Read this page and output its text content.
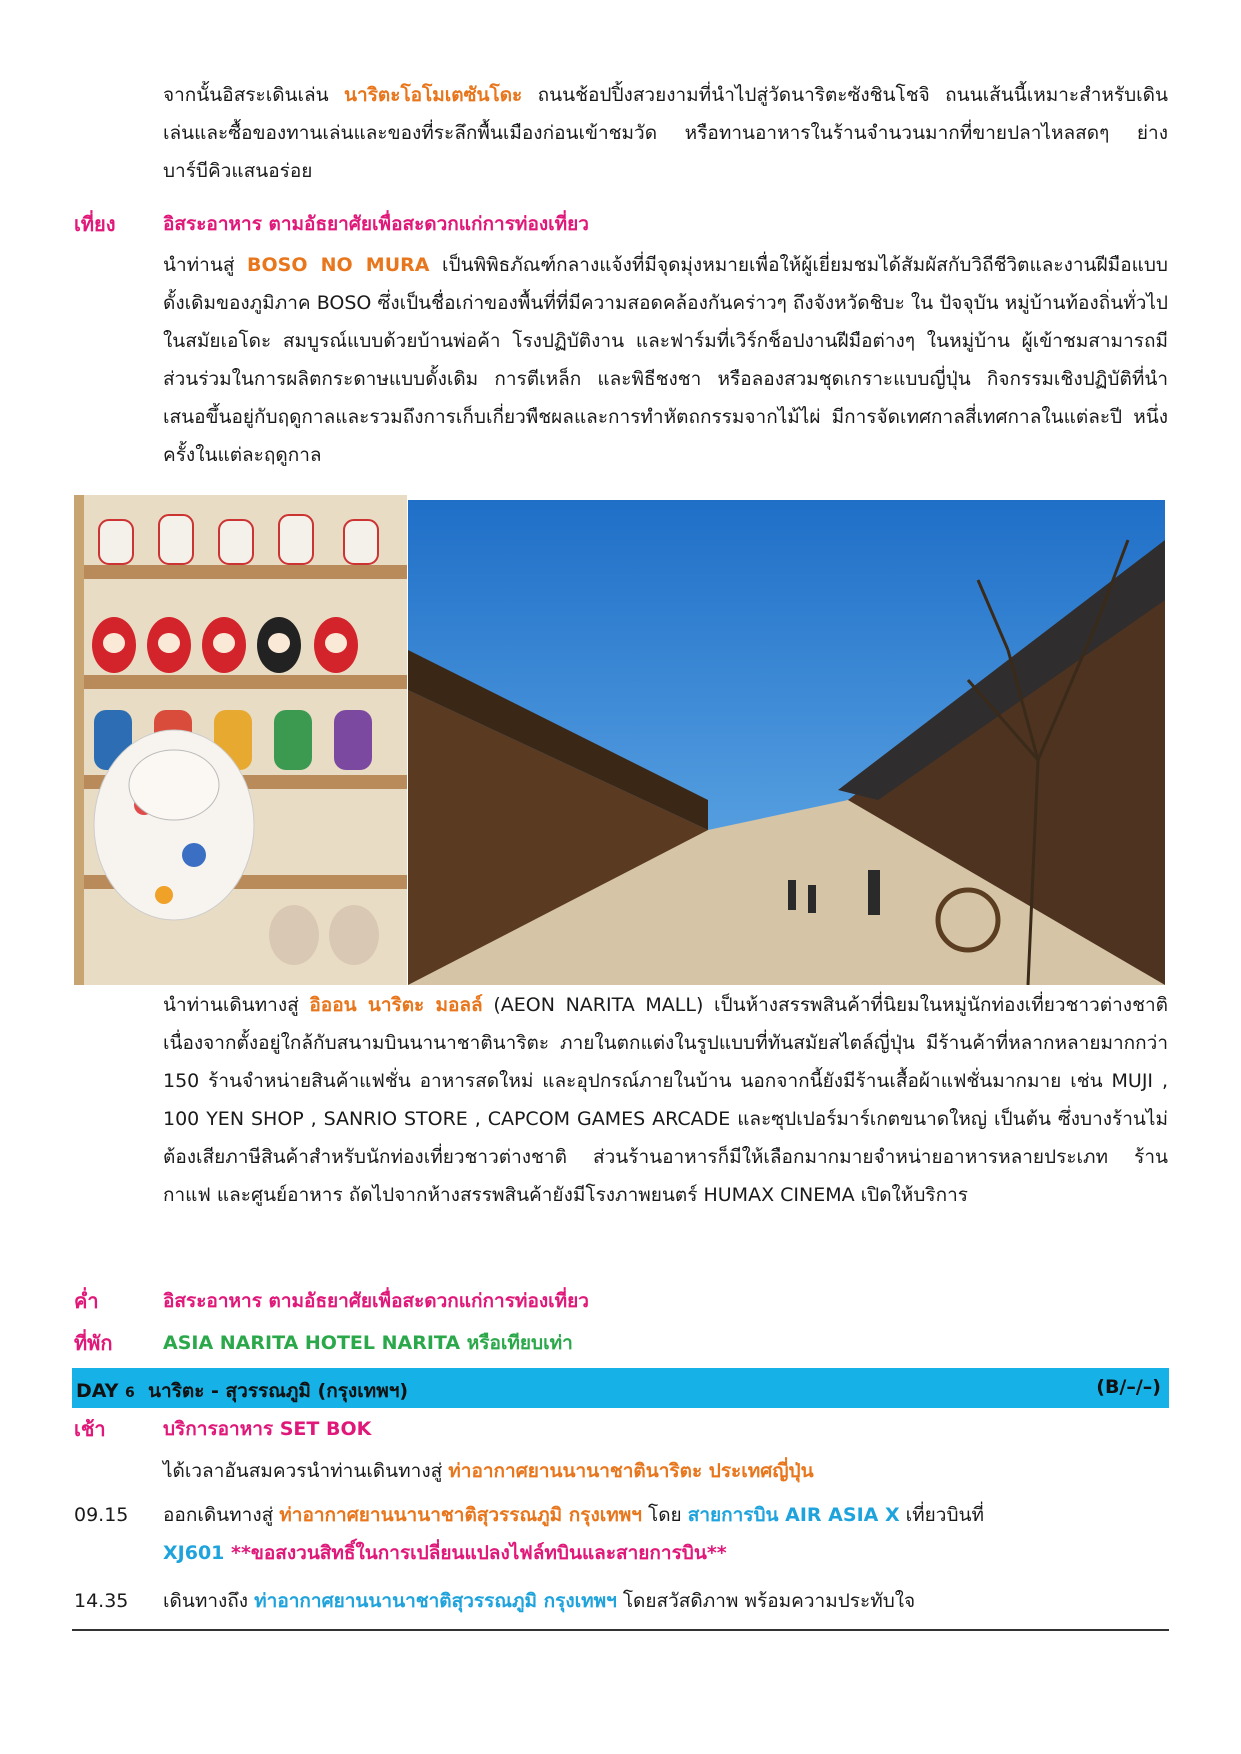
จากนั้นอิสระเดินเล่น นาริตะโอโมเตซันโดะ ถนนช้อปปิ้งสวยงามที่นำไปสู่วัดนาริตะซังชินโชจิ ถนนเส้นนี้เหมาะสำหรับเดินเล่นและซื้อของทานเล่นและของที่ระลึกพื้นเมืองก่อนเข้าชมวัด หรือทานอาหารในร้านจำนวนมากที่ขายปลาไหลสดๆ ย่างบาร์บีคิวแสนอร่อย
เที่ยง อิสระอาหาร ตามอัธยาศัยเพื่อสะดวกแก่การท่องเที่ยว
นำท่านสู่ BOSO NO MURA เป็นพิพิธภัณฑ์กลางแจ้งที่มีจุดมุ่งหมายเพื่อให้ผู้เยี่ยมชมได้สัมผัสกับวิถีชีวิตและงานฝีมือแบบดั้งเดิมของภูมิภาค BOSO ซึ่งเป็นชื่อเก่าของพื้นที่ที่มีความสอดคล้องกันคร่าวๆ ถึงจังหวัดชิบะ ใน ปัจจุบัน หมู่บ้านท้องถิ่นทั่วไปในสมัยเอโดะ สมบูรณ์แบบด้วยบ้านพ่อค้า โรงปฏิบัติงาน และฟาร์มที่เวิร์กช็อปงานฝีมือต่างๆ ในหมู่บ้าน ผู้เข้าชมสามารถมีส่วนร่วมในการผลิตกระดาษแบบดั้งเดิม การตีเหล็ก และพิธีชงชา หรือลองสวมชุดเกราะแบบญี่ปุ่น กิจกรรมเชิงปฏิบัติที่นำเสนอขึ้นอยู่กับฤดูกาลและรวมถึงการเก็บเกี่ยวพืชผลและการทำหัตถกรรมจากไม้ไผ่ มีการจัดเทศกาลสี่เทศกาลในแต่ละปี หนึ่งครั้งในแต่ละฤดูกาล
นำท่านเดินทางสู่ อิออน นาริตะ มอลล์ (AEON NARITA MALL) เป็นห้างสรรพสินค้าที่นิยมในหมู่นักท่องเที่ยวชาวต่างชาติ เนื่องจากตั้งอยู่ใกล้กับสนามบินนานาชาตินาริตะ ภายในตกแต่งในรูปแบบที่ทันสมัยสไตล์ญี่ปุ่น มีร้านค้าที่หลากหลายมากกว่า 150 ร้านจำหน่ายสินค้าแฟชั่น อาหารสดใหม่ และอุปกรณ์ภายในบ้าน นอกจากนี้ยังมีร้านเสื้อผ้าแฟชั่นมากมาย เช่น MUJI , 100 YEN SHOP , SANRIO STORE , CAPCOM GAMES ARCADE และซุปเปอร์มาร์เกตขนาดใหญ่ เป็นต้น ซึ่งบางร้านไม่ต้องเสียภาษีสินค้าสำหรับนักท่องเที่ยวชาวต่างชาติ ส่วนร้านอาหารก็มีให้เลือกมากมายจำหน่ายอาหารหลายประเภท ร้านกาแฟ และศูนย์อาหาร ถัดไปจากห้างสรรพสินค้ายังมีโรงภาพยนตร์ HUMAX CINEMA เปิดให้บริการ
ค่ำ	อิสระอาหาร ตามอัธยาศัยเพื่อสะดวกแก่การท่องเที่ยว
ที่พัก	ASIA NARITA HOTEL NARITA หรือเทียบเท่า
DAY 6 นาริตะ - สุวรรณภูมิ (กรุงเทพฯ)	(B/–/–)
เช้า	บริการอาหาร SET BOK
ได้เวลาอันสมควรนำท่านเดินทางสู่ ท่าอากาศยานนานาชาตินาริตะ ประเทศญี่ปุ่น
09.15 ออกเดินทางสู่ ท่าอากาศยานนานาชาติสุวรรณภูมิ กรุงเทพฯ โดย สายการบิน AIR ASIA X เที่ยวบินที่
XJ601 **ขอสงวนสิทธิ์ในการเปลี่ยนแปลงไฟล์ทบินและสายการบิน**
14.35 เดินทางถึง ท่าอากาศยานนานาชาติสุวรรณภูมิ กรุงเทพฯ โดยสวัสดิภาพ พร้อมความประทับใจ
